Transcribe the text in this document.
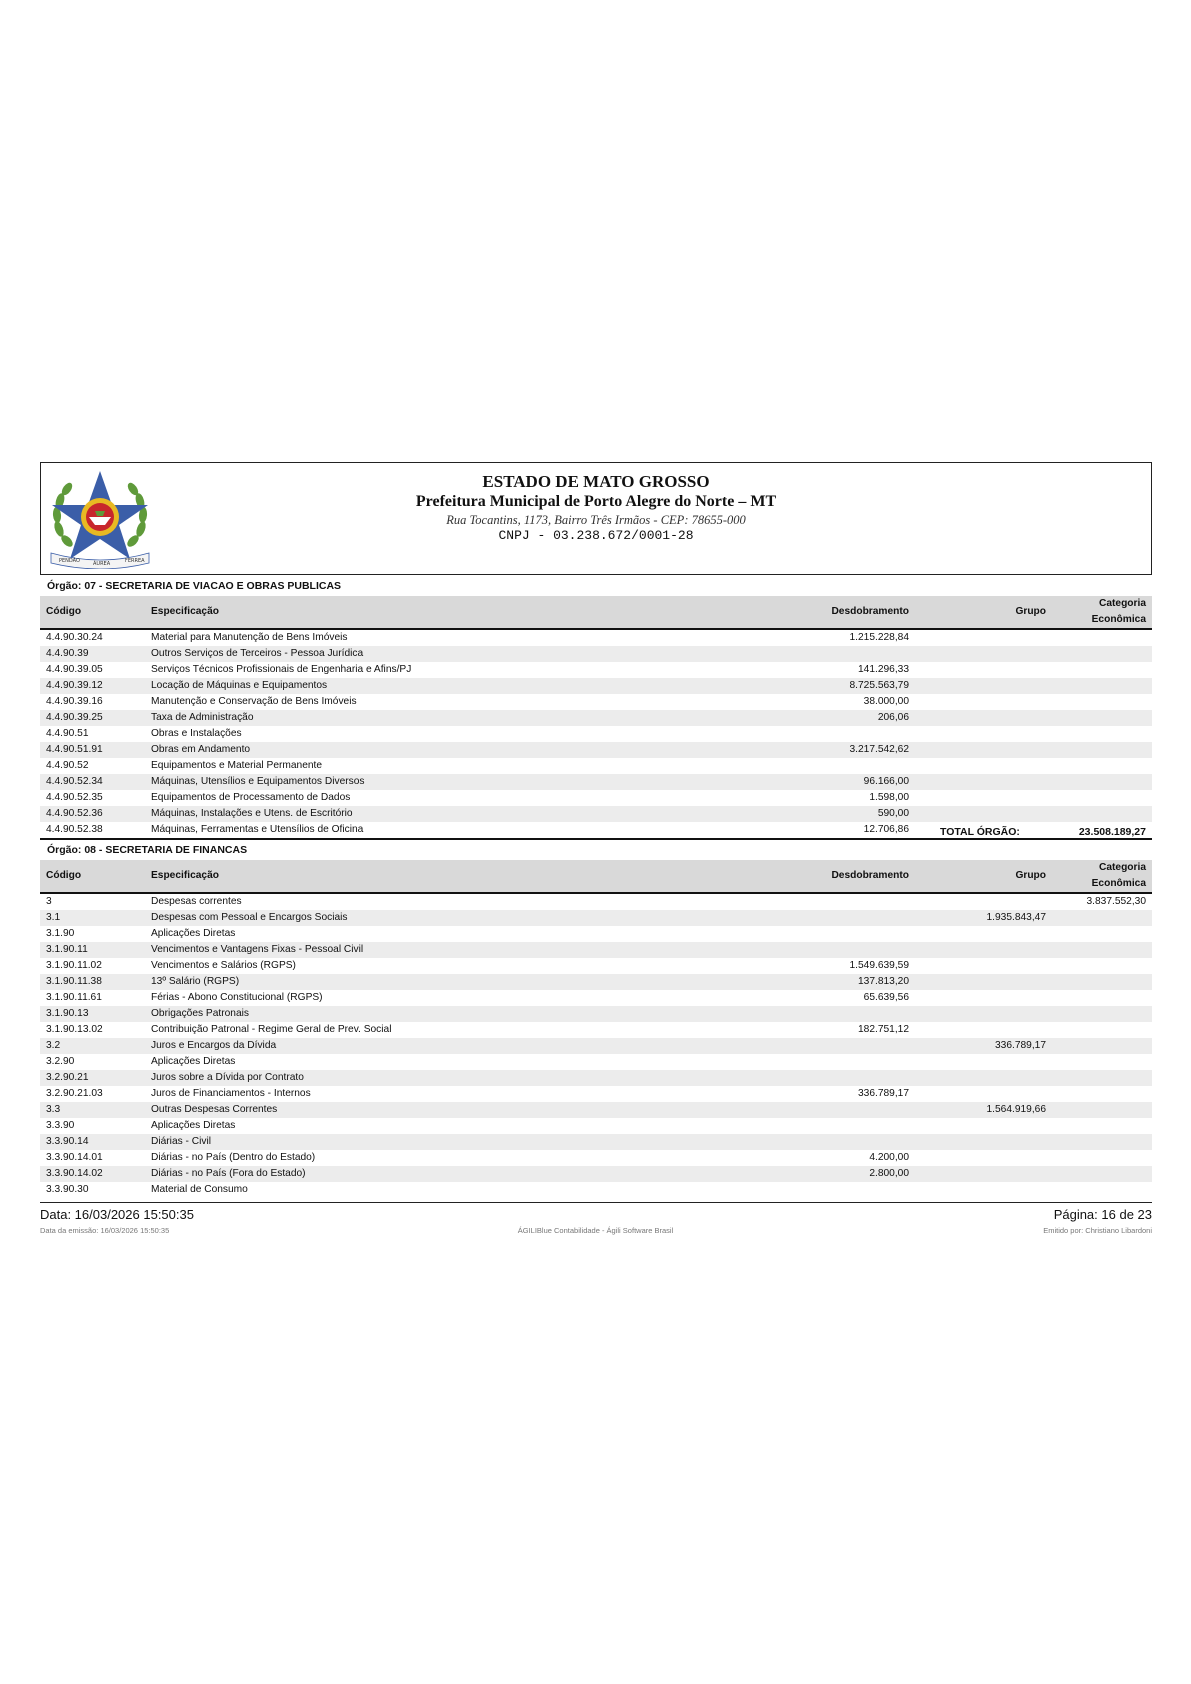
PENDÃO	ÁUREA	FERREA
ESTADO DE MATO GROSSO
Prefeitura Municipal de Porto Alegre do Norte – MT
Rua Tocantins, 1173, Bairro Três Irmãos - CEP: 78655-000
CNPJ - 03.238.672/0001-28
Órgão: 07 - SECRETARIA DE VIACAO E OBRAS PUBLICAS
Código	Especificação	Desdobramento	Grupo	Categoria Econômica
4.4.90.30.24	Material para Manutenção de Bens Imóveis	1.215.228,84		
4.4.90.39	Outros Serviços de Terceiros - Pessoa Jurídica			
4.4.90.39.05	Serviços Técnicos Profissionais de Engenharia e Afins/PJ	141.296,33		
4.4.90.39.12	Locação de Máquinas e Equipamentos	8.725.563,79		
4.4.90.39.16	Manutenção e Conservação de Bens Imóveis	38.000,00		
4.4.90.39.25	Taxa de Administração	206,06		
4.4.90.51	Obras e Instalações			
4.4.90.51.91	Obras em Andamento	3.217.542,62		
4.4.90.52	Equipamentos e Material Permanente			
4.4.90.52.34	Máquinas, Utensílios e Equipamentos Diversos	96.166,00		
4.4.90.52.35	Equipamentos de Processamento de Dados	1.598,00		
4.4.90.52.36	Máquinas, Instalações e Utens. de Escritório	590,00		
4.4.90.52.38	Máquinas, Ferramentas e Utensílios de Oficina	12.706,86			TOTAL ÓRGÃO:	23.508.189,27
Órgão: 08 - SECRETARIA DE FINANCAS
Código	Especificação	Desdobramento	Grupo	Categoria Econômica
3	Despesas correntes			3.837.552,30
3.1	Despesas com Pessoal e Encargos Sociais		1.935.843,47	
3.1.90	Aplicações Diretas			
3.1.90.11	Vencimentos e Vantagens Fixas - Pessoal Civil			
3.1.90.11.02	Vencimentos e Salários (RGPS)	1.549.639,59		
3.1.90.11.38	13º Salário (RGPS)	137.813,20		
3.1.90.11.61	Férias - Abono Constitucional (RGPS)	65.639,56		
3.1.90.13	Obrigações Patronais			
3.1.90.13.02	Contribuição Patronal - Regime Geral de Prev. Social	182.751,12		
3.2	Juros e Encargos da Dívida		336.789,17	
3.2.90	Aplicações Diretas			
3.2.90.21	Juros sobre a Dívida por Contrato			
3.2.90.21.03	Juros de Financiamentos - Internos	336.789,17		
3.3	Outras Despesas Correntes		1.564.919,66	
3.3.90	Aplicações Diretas			
3.3.90.14	Diárias - Civil			
3.3.90.14.01	Diárias - no País (Dentro do Estado)	4.200,00		
3.3.90.14.02	Diárias - no País (Fora do Estado)	2.800,00		
3.3.90.30	Material de Consumo			
Data: 16/03/2026 15:50:35	Página: 16 de 23
Data da emissão: 16/03/2026 15:50:35	ÁGILIBlue Contabilidade - Ágili Software Brasil	Emitido por: Christiano Libardoni
